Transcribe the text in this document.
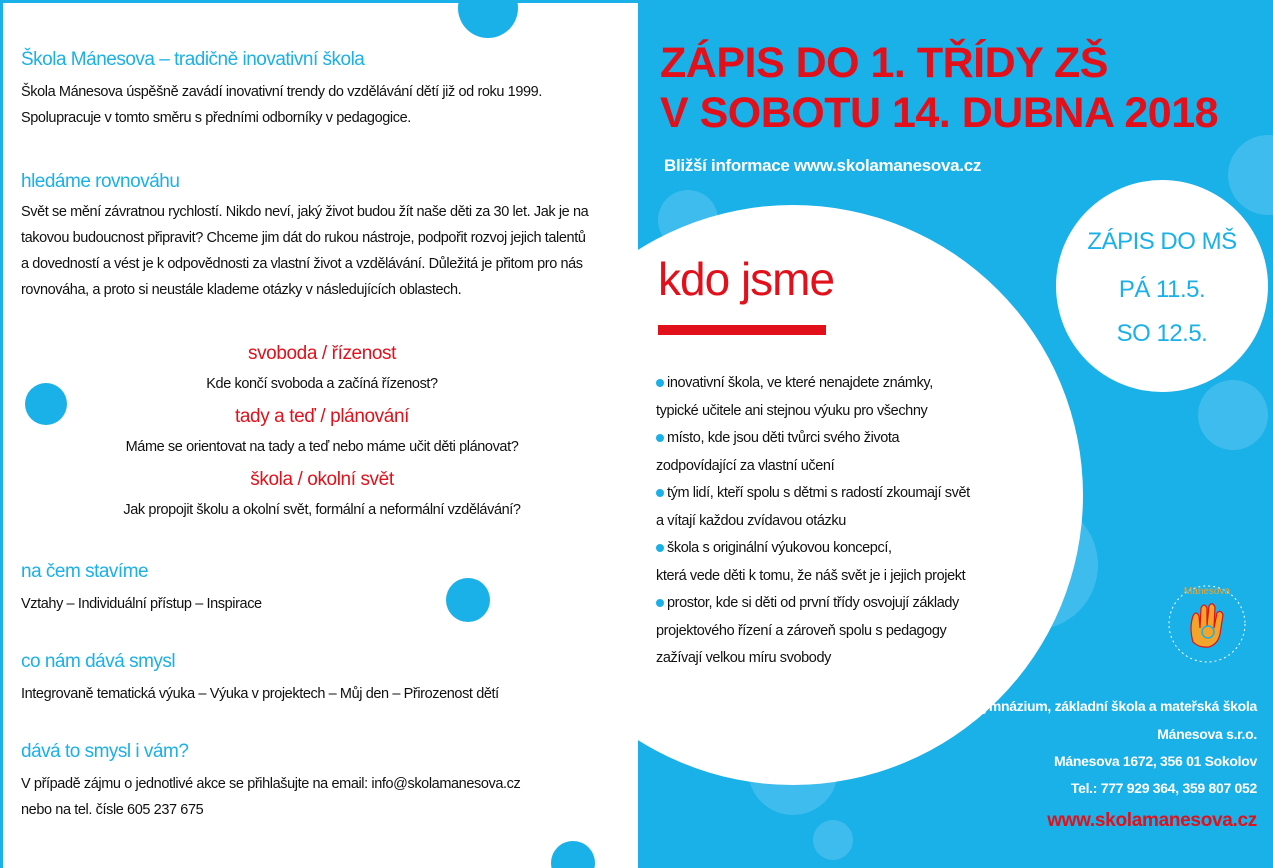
Škola Mánesova – tradičně inovativní škola
Škola Mánesova úspěšně zavádí inovativní trendy do vzdělávání dětí již od roku 1999.
Spolupracuje v tomto směru s předními odborníky v pedagogice.
hledáme rovnováhu
Svět se mění závratnou rychlostí. Nikdo neví, jaký život budou žít naše děti za 30 let. Jak je na
takovou budoucnost připravit? Chceme jim dát do rukou nástroje, podpořit rozvoj jejich talentů
a dovedností a vést je k odpovědnosti za vlastní život a vzdělávání. Důležitá je přitom pro nás
rovnováha, a proto si neustále klademe otázky v následujících oblastech.
svoboda / řízenost
Kde končí svoboda a začíná řízenost?
tady a teď / plánování
Máme se orientovat na tady a teď nebo máme učit děti plánovat?
škola / okolní svět
Jak propojit školu a okolní svět, formální a neformální vzdělávání?
na čem stavíme
Vztahy – Individuální přístup – Inspirace
co nám dává smysl
Integrovaně tematická výuka – Výuka v projektech – Můj den – Přirozenost dětí
dává to smysl i vám?
V případě zájmu o jednotlivé akce se přihlašujte na email: info@skolamanesova.cz
nebo na tel. čísle 605 237 675
ZÁPIS DO 1. TŘÍDY ZŠ
V SOBOTU 14. DUBNA 2018
Bližší informace www.skolamanesova.cz
kdo jsme
inovativní škola, ve které nenajdete známky,
typické učitele ani stejnou výuku pro všechny
místo, kde jsou děti tvůrci svého života
zodpovídající za vlastní učení
tým lidí, kteří spolu s dětmi s radostí zkoumají svět
a vítají každou zvídavou otázku
škola s originální výukovou koncepcí,
která vede děti k tomu, že náš svět je i jejich projekt
prostor, kde si děti od první třídy osvojují základy
projektového řízení a zároveň spolu s pedagogy
zažívají velkou míru svobody
ZÁPIS DO MŠ
PÁ 11.5.
SO 12.5.
Mánesova
Gymnázium, základní škola a mateřská škola
Mánesova s.r.o.
Mánesova 1672, 356 01 Sokolov
Tel.: 777 929 364, 359 807 052
www.skolamanesova.cz
